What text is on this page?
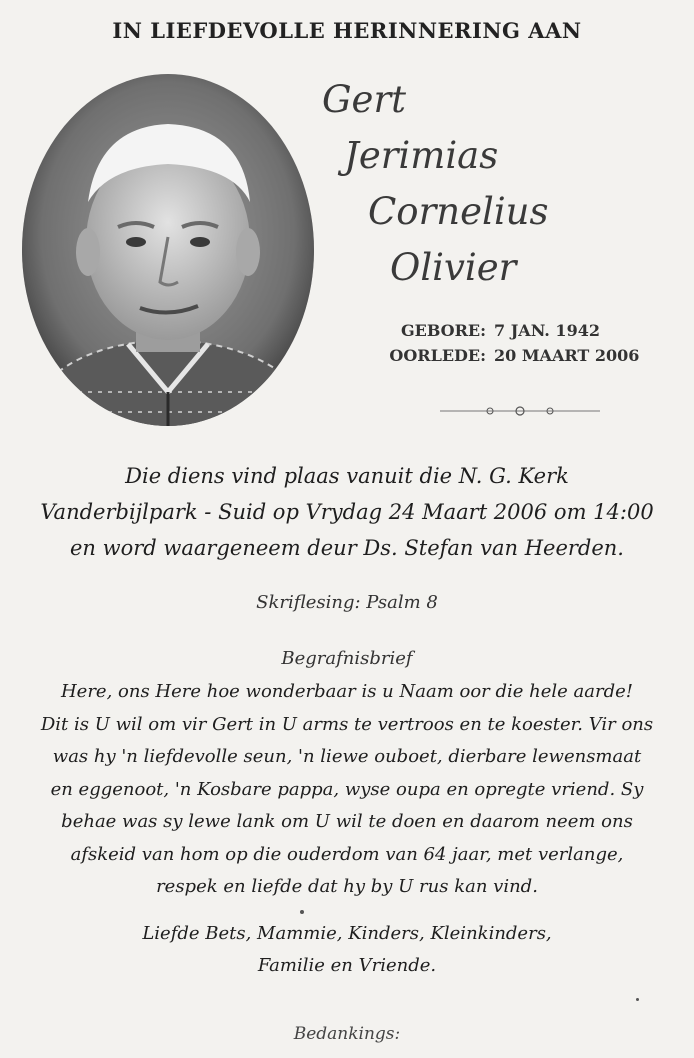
IN LIEFDEVOLLE HERINNERING AAN
Gert
Jerimias
Cornelius
Olivier
GEBORE: 7 JAN. 1942
OORLEDE: 20 MAART 2006
Die diens vind plaas vanuit die N. G. Kerk
Vanderbijlpark - Suid op Vrydag 24 Maart 2006 om 14:00
en word waargeneem deur Ds. Stefan van Heerden.
Skriflesing: Psalm 8
Begrafnisbrief
Here, ons Here hoe wonderbaar is u Naam oor die hele aarde!
Dit is U wil om vir Gert in U arms te vertroos en te koester. Vir ons
was hy 'n liefdevolle seun, 'n liewe ouboet, dierbare lewensmaat
en eggenoot, 'n Kosbare pappa, wyse oupa en opregte vriend. Sy
behae was sy lewe lank om U wil te doen en daarom neem ons
afskeid van hom op die ouderdom van 64 jaar, met verlange,
respek en liefde dat hy by U rus kan vind.
Liefde Bets, Mammie, Kinders, Kleinkinders,
Familie en Vriende.
Bedankings:
